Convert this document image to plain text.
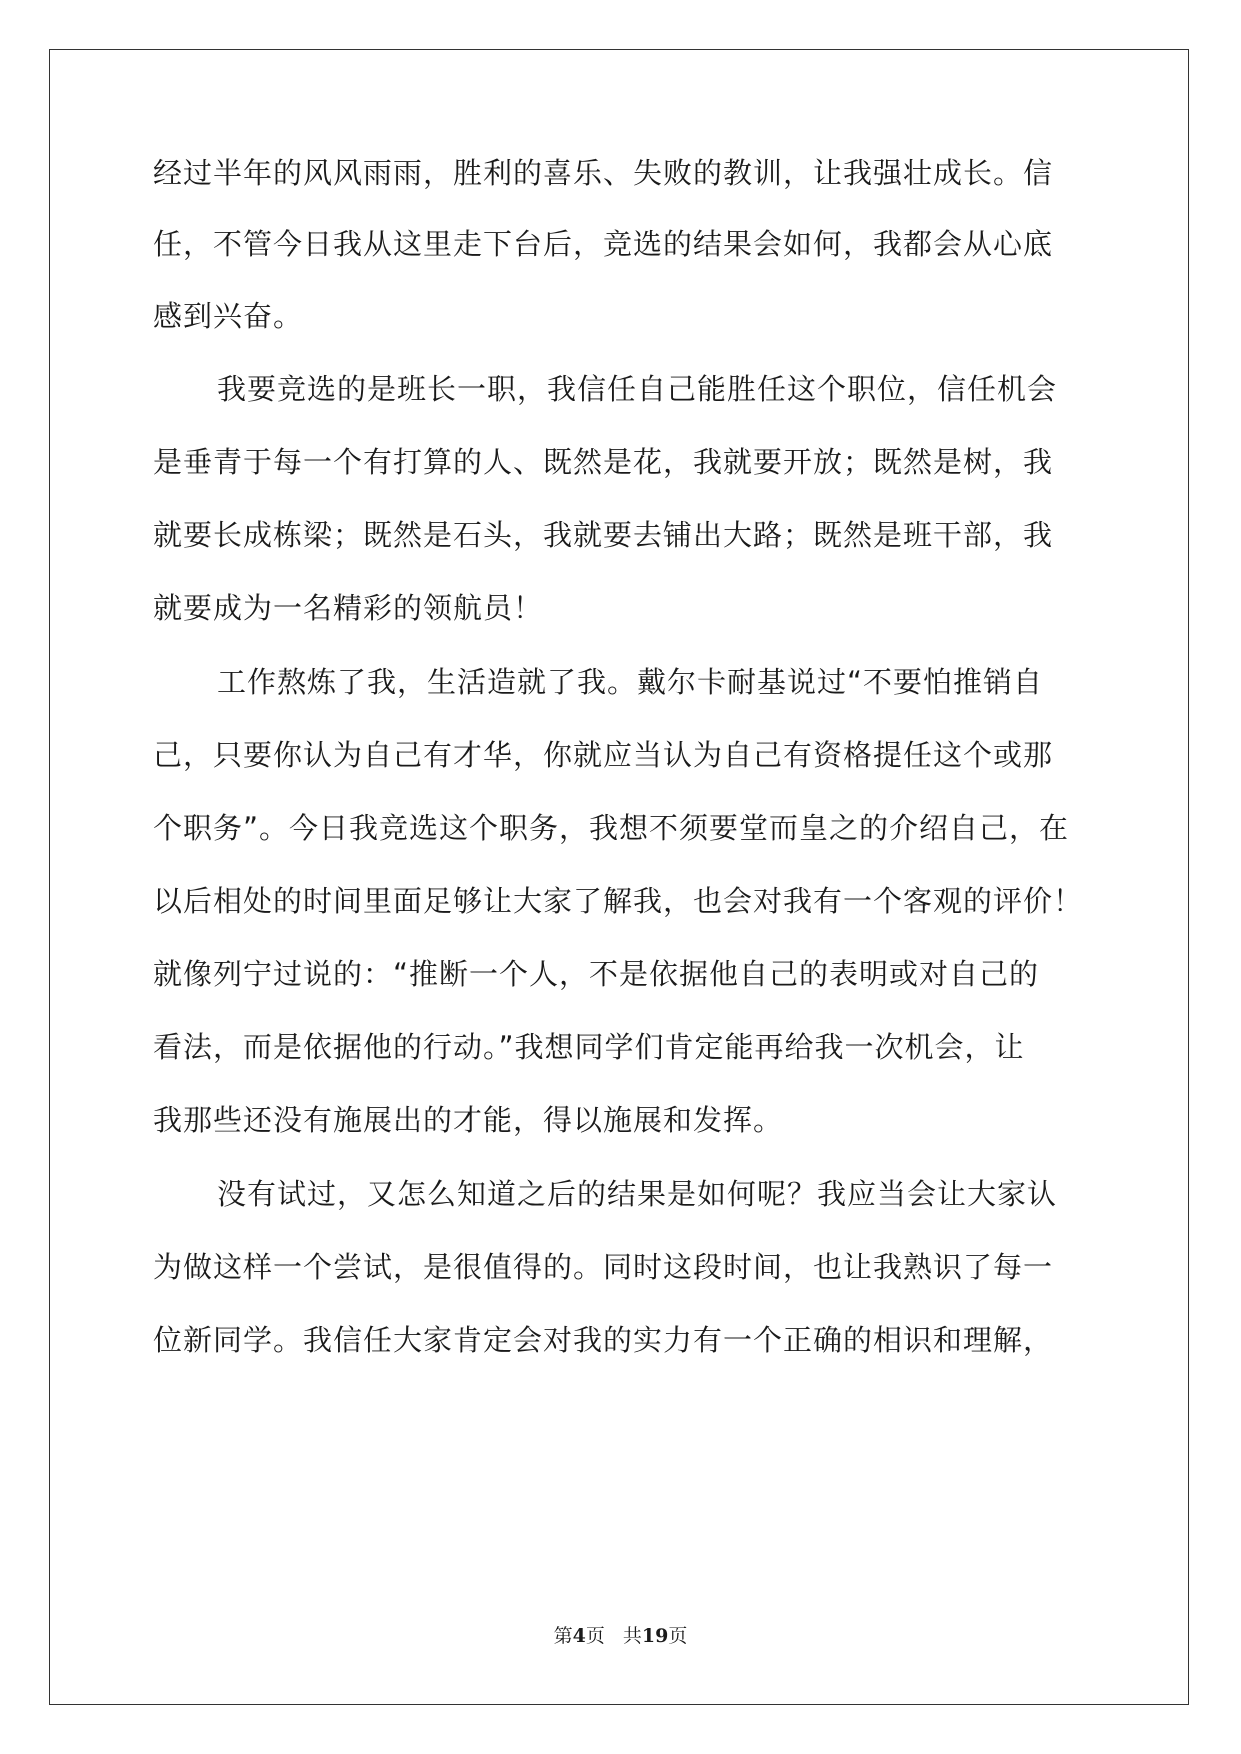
经过半年的风风雨雨，胜利的喜乐、失败的教训，让我强壮成长。信
任，不管今日我从这里走下台后，竞选的结果会如何，我都会从心底
感到兴奋。
我要竞选的是班长一职，我信任自己能胜任这个职位，信任机会
是垂青于每一个有打算的人、既然是花，我就要开放；既然是树，我
就要长成栋梁；既然是石头，我就要去铺出大路；既然是班干部，我
就要成为一名精彩的领航员！
工作熬炼了我，生活造就了我。戴尔卡耐基说过“不要怕推销自
己，只要你认为自己有才华，你就应当认为自己有资格提任这个或那
个职务”。今日我竞选这个职务，我想不须要堂而皇之的介绍自己，在
以后相处的时间里面足够让大家了解我，也会对我有一个客观的评价！
就像列宁过说的：“推断一个人，不是依据他自己的表明或对自己的
看法，而是依据他的行动。”我想同学们肯定能再给我一次机会，让
我那些还没有施展出的才能，得以施展和发挥。
没有试过，又怎么知道之后的结果是如何呢？我应当会让大家认
为做这样一个尝试，是很值得的。同时这段时间，也让我熟识了每一
位新同学。我信任大家肯定会对我的实力有一个正确的相识和理解，
第4页 共19页
